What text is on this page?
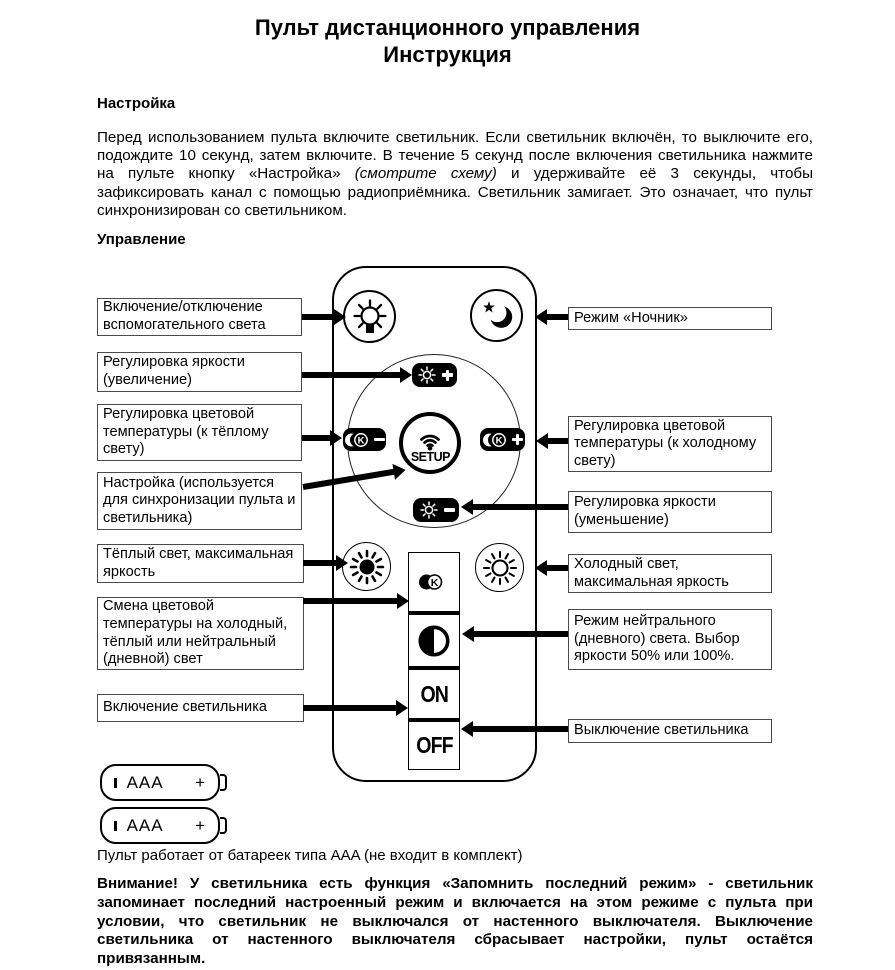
Пульт дистанционного управления
Инструкция
Настройка
Перед использованием пульта включите светильник. Если светильник включён, то выключите его, подождите 10 секунд, затем включите. В течение 5 секунд после включения светильника нажмите на пульте кнопку «Настройка» (смотрите схему) и удерживайте её 3 секунды, чтобы зафиксировать канал с помощью радиоприёмника. Светильник замигает. Это означает, что пульт синхронизирован со светильником.
Управление
K
SETUP
K
K
ON
OFF
Включение/отключение вспомогательного света
Регулировка яркости (увеличение)
Регулировка цветовой температуры (к тёплому свету)
Настройка (используется для синхронизации пульта и светильника)
Тёплый свет, максимальная яркость
Смена цветовой температуры на холодный, тёплый или нейтральный (дневной) свет
Включение светильника
Режим «Ночник»
Регулировка цветовой температуры (к холодному свету)
Регулировка яркости (уменьшение)
Холодный свет, максимальная яркость
Режим нейтрального (дневного) света. Выбор яркости 50% или 100%.
Выключение светильника
AAA +
AAA +
Пульт работает от батареек типа AAA (не входит в комплект)
Внимание! У светильника есть функция «Запомнить последний режим» - светильник запоминает последний настроенный режим и включается на этом режиме с пульта при условии, что светильник не выключался от настенного выключателя. Выключение светильника от настенного выключателя сбрасывает настройки, пульт остаётся привязанным.
